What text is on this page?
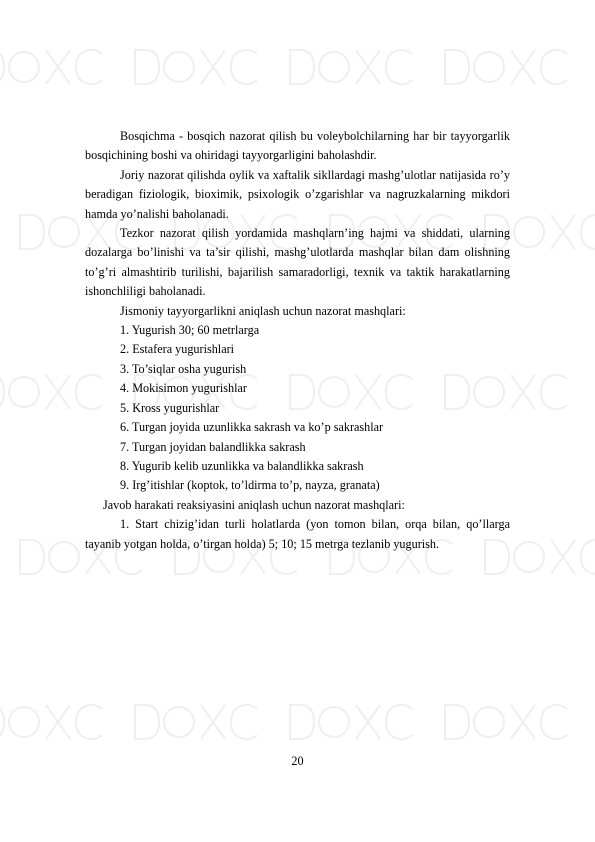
Bosqichma - bosqich nazorat qilish bu voleybolchilarning har bir tayyorgarlik bosqichining boshi va ohiridagi tayyorgarligini baholashdir.

Joriy nazorat qilishda oylik va xaftalik sikllardagi mashg’ulotlar natijasida ro’y beradigan fiziologik, bioximik, psixologik o’zgarishlar va nagruzkalarning mikdori hamda yo’nalishi baholanadi.

Tezkor nazorat qilish yordamida mashqlarn’ing hajmi va shiddati, ularning dozalarga bo’linishi va ta’sir qilishi, mashg’ulotlarda mashqlar bilan dam olishning to’g’ri almashtirib turilishi, bajarilish samaradorligi, texnik va taktik harakatlarning ishonchliligi baholanadi.

Jismoniy tayyorgarlikni aniqlash uchun nazorat mashqlari:

1. Yugurish 30; 60 metrlarga

2. Estafera yugurishlari

3. To’siqlar osha yugurish

4. Mokisimon yugurishlar

5. Kross yugurishlar

6. Turgan joyida uzunlikka sakrash va ko’p sakrashlar

7. Turgan joyidan balandlikka sakrash

8. Yugurib kelib uzunlikka va balandlikka sakrash

9. Irg’itishlar (koptok, to’ldirma to’p, nayza, granata)

Javob harakati reaksiyasini aniqlash uchun nazorat mashqlari:

1. Start chizig’idan turli holatlarda (yon tomon bilan, orqa bilan, qo’llarga tayanib yotgan holda, o’tirgan holda) 5; 10; 15 metrga tezlanib yugurish.

20
